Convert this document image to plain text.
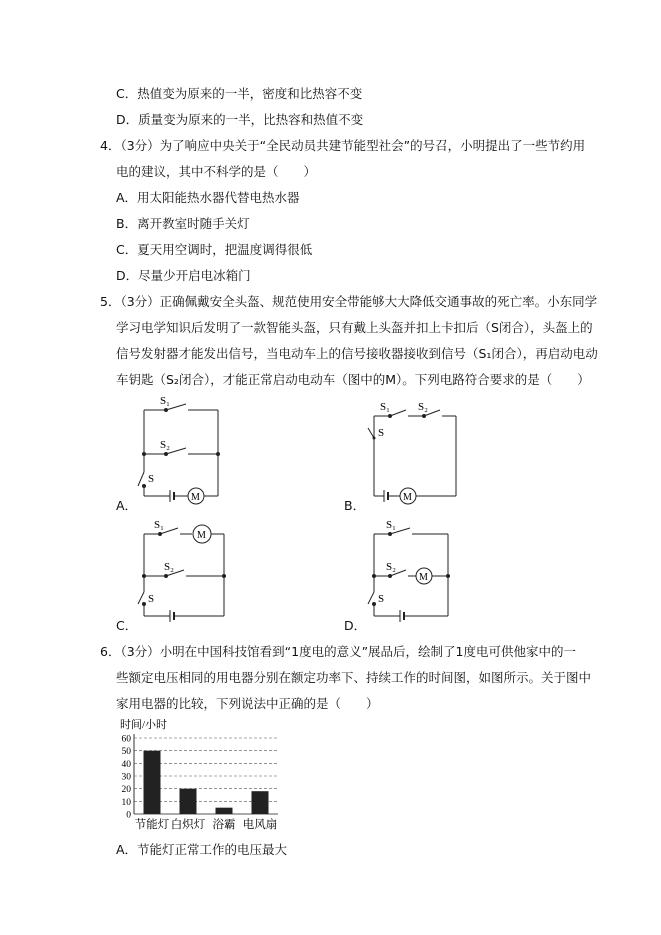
C．热值变为原来的一半，密度和比热容不变
D．质量变为原来的一半，比热容和热值不变
4．（3分）为了响应中央关于“全民动员共建节能型社会”的号召，小明提出了一些节约用
电的建议，其中不科学的是（　　）
A．用太阳能热水器代替电热水器
B．离开教室时随手关灯
C．夏天用空调时，把温度调得很低
D．尽量少开启电冰箱门
5．（3分）正确佩戴安全头盔、规范使用安全带能够大大降低交通事故的死亡率。小东同学
学习电学知识后发明了一款智能头盔，只有戴上头盔并扣上卡扣后（S闭合），头盔上的
信号发射器才能发出信号，当电动车上的信号接收器接收到信号（S₁闭合），再启动电动
车钥匙（S₂闭合），才能正常启动电动车（图中的M）。下列电路符合要求的是（　　）
S₁
S₂
S
M
A．
S₁	S₂
S
M
B．
S₁
S₂
S
M
C．
S₁
S₂
S
M
D．
6．（3分）小明在中国科技馆看到“1度电的意义”展品后，绘制了1度电可供他家中的一
些额定电压相同的用电器分别在额定功率下、持续工作的时间图，如图所示。关于图中
家用电器的比较，下列说法中正确的是（　　）
时间/小时
0
10
20
30
40
50
60
节能灯 白炽灯 浴霸 电风扇
A．节能灯正常工作的电压最大
